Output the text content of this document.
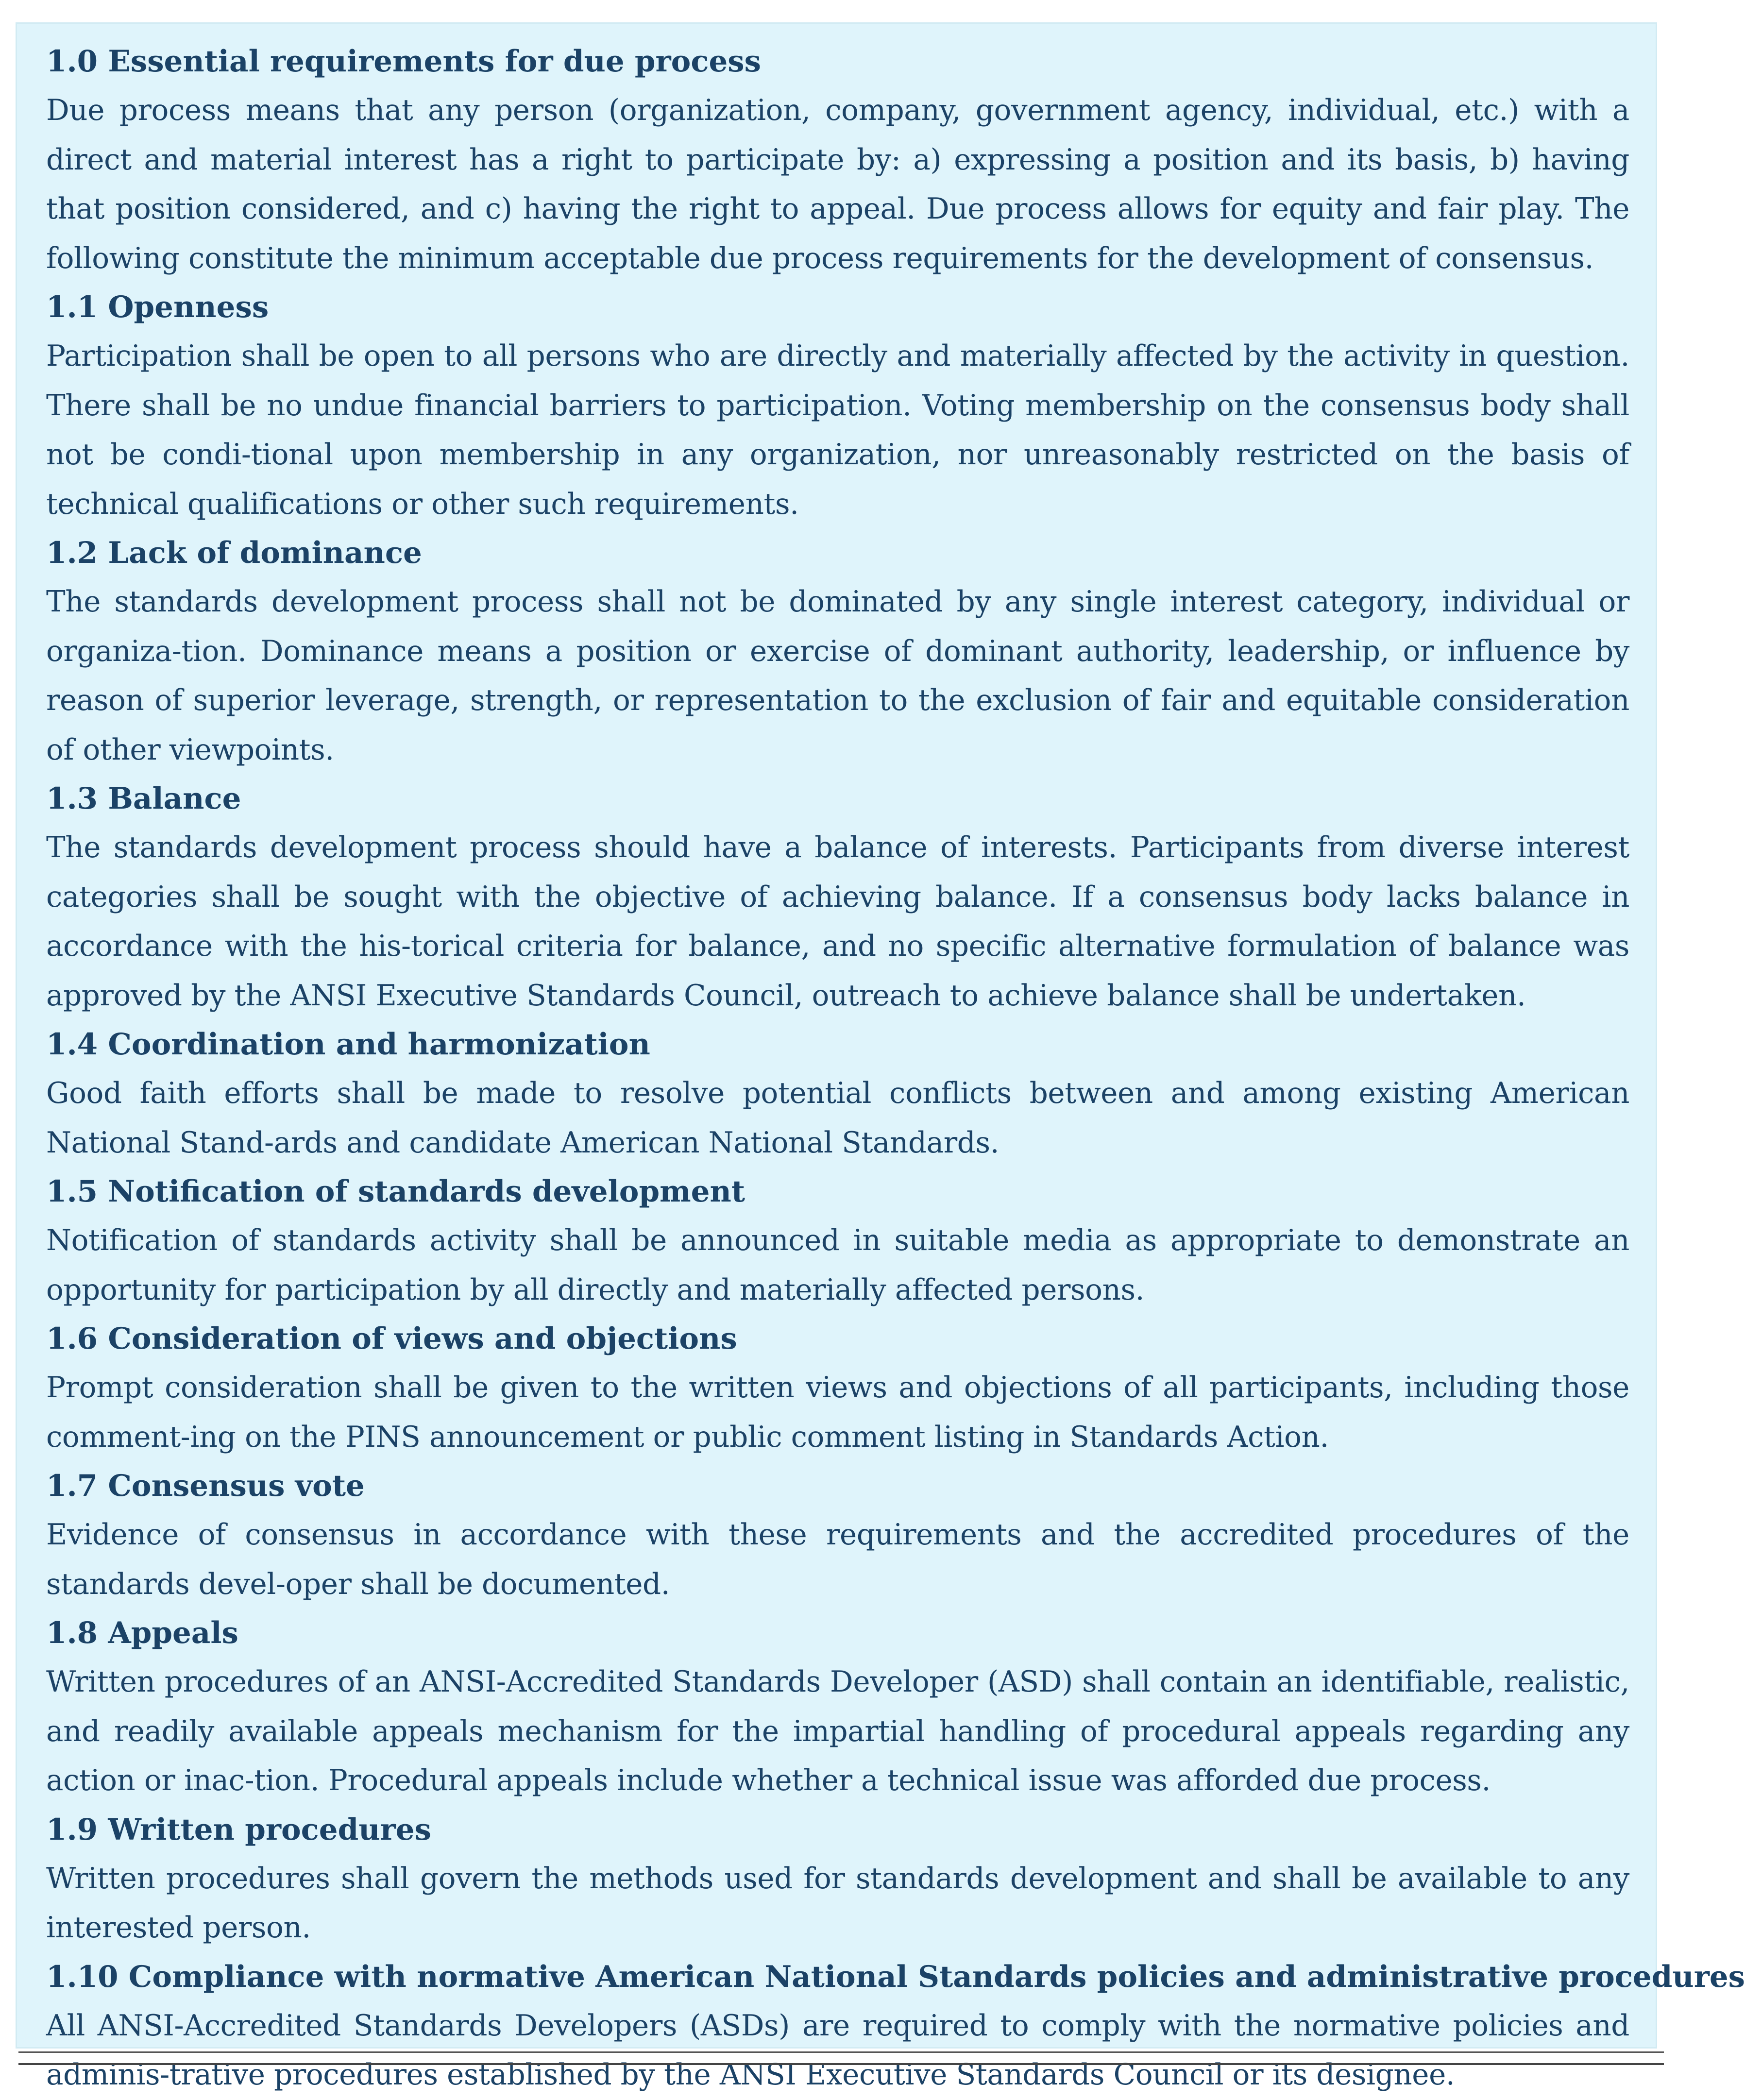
1.0 Essential requirements for due process

Due process means that any person (organization, company, government agency, individual, etc.) with a direct and material interest has a right to participate by: a) expressing a position and its basis, b) having that position considered, and c) having the right to appeal. Due process allows for equity and fair play. The following constitute the minimum acceptable due process requirements for the development of consensus.

1.1 Openness

Participation shall be open to all persons who are directly and materially affected by the activity in question. There shall be no undue financial barriers to participation. Voting membership on the consensus body shall not be condi-tional upon membership in any organization, nor unreasonably restricted on the basis of technical qualifications or other such requirements.

1.2 Lack of dominance

The standards development process shall not be dominated by any single interest category, individual or organiza-tion. Dominance means a position or exercise of dominant authority, leadership, or influence by reason of superior leverage, strength, or representation to the exclusion of fair and equitable consideration of other viewpoints.

1.3 Balance

The standards development process should have a balance of interests. Participants from diverse interest categories shall be sought with the objective of achieving balance. If a consensus body lacks balance in accordance with the his-torical criteria for balance, and no specific alternative formulation of balance was approved by the ANSI Executive Standards Council, outreach to achieve balance shall be undertaken.

1.4 Coordination and harmonization

Good faith efforts shall be made to resolve potential conflicts between and among existing American National Stand-ards and candidate American National Standards.

1.5 Notification of standards development

Notification of standards activity shall be announced in suitable media as appropriate to demonstrate an opportunity for participation by all directly and materially affected persons.

1.6 Consideration of views and objections

Prompt consideration shall be given to the written views and objections of all participants, including those comment-ing on the PINS announcement or public comment listing in Standards Action.

1.7 Consensus vote

Evidence of consensus in accordance with these requirements and the accredited procedures of the standards devel-oper shall be documented.

1.8 Appeals

Written procedures of an ANSI-Accredited Standards Developer (ASD) shall contain an identifiable, realistic, and readily available appeals mechanism for the impartial handling of procedural appeals regarding any action or inac-tion. Procedural appeals include whether a technical issue was afforded due process.

1.9 Written procedures

Written procedures shall govern the methods used for standards development and shall be available to any interested person.

1.10 Compliance with normative American National Standards policies and administrative procedures

All ANSI-Accredited Standards Developers (ASDs) are required to comply with the normative policies and adminis-trative procedures established by the ANSI Executive Standards Council or its designee.
